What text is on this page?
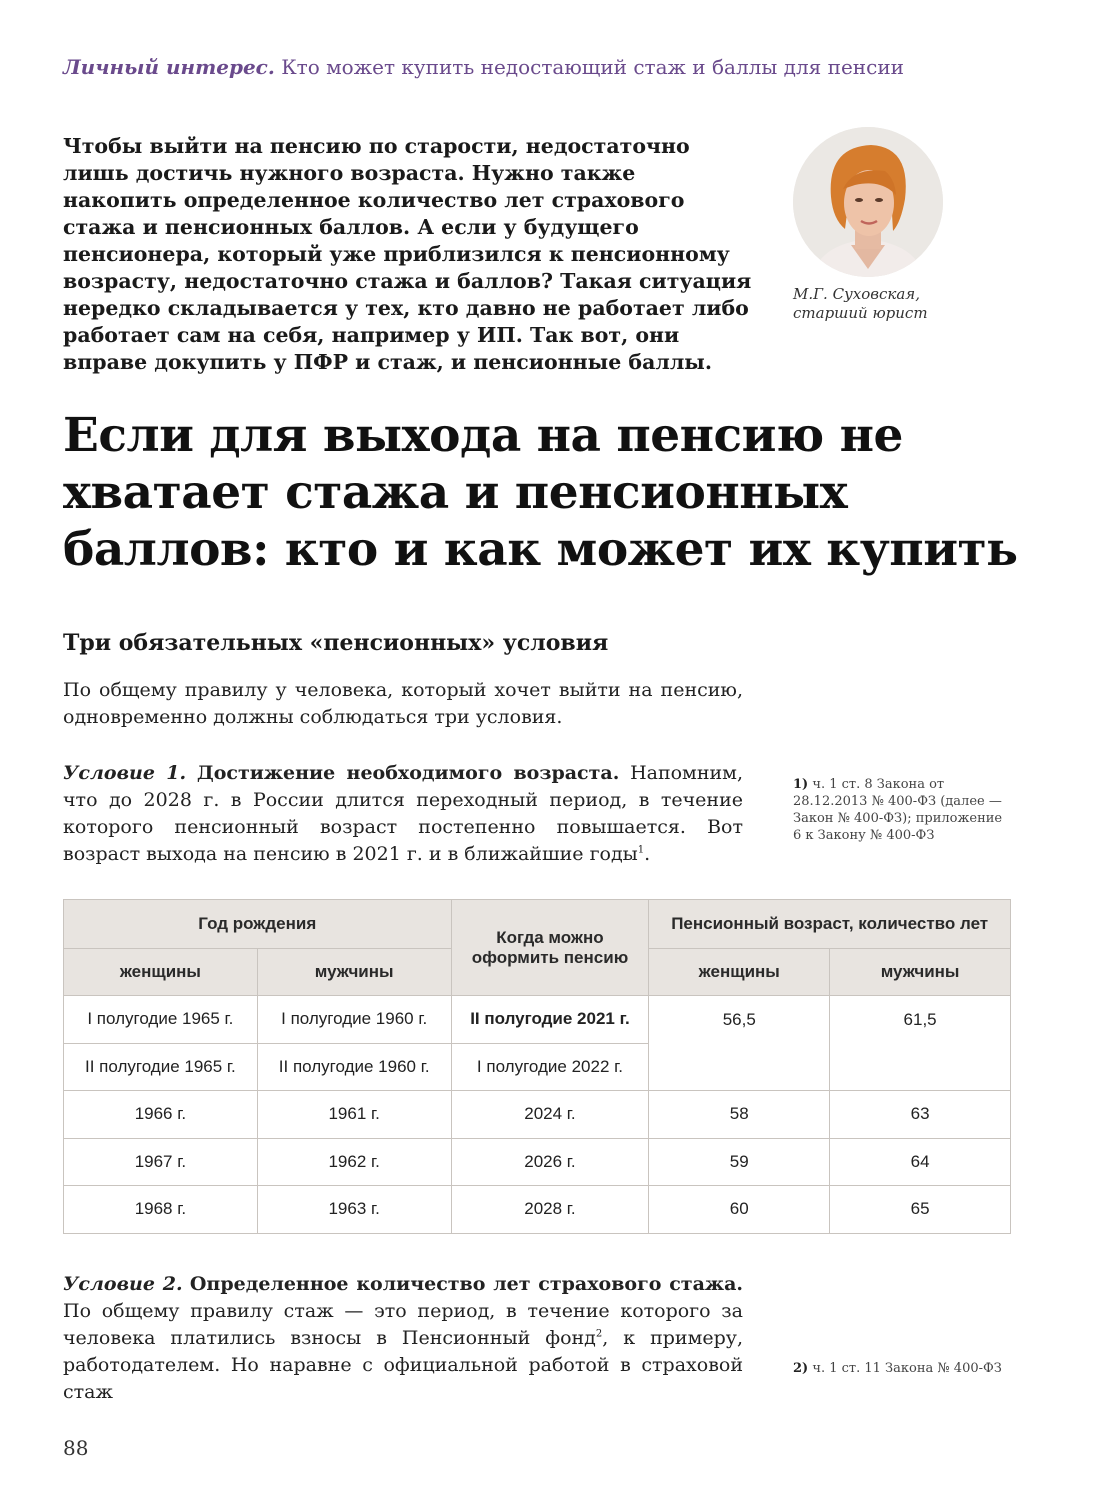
Личный интерес. Кто может купить недостающий стаж и баллы для пенсии
Чтобы выйти на пенсию по старости, недостаточно лишь достичь нужного возраста. Нужно также накопить определенное количество лет страхового стажа и пенсионных баллов. А если у будущего пенсионера, который уже приблизился к пенсионному возрасту, недостаточно стажа и баллов? Такая ситуация нередко складывается у тех, кто давно не работает либо работает сам на себя, например у ИП. Так вот, они вправе докупить у ПФР и стаж, и пенсионные баллы.
М.Г. Суховская,
старший юрист
Если для выхода на пенсию не хватает стажа и пенсионных баллов: кто и как может их купить
Три обязательных «пенсионных» условия
По общему правилу у человека, который хочет выйти на пенсию, одновременно должны соблюдаться три условия.
Условие 1. Достижение необходимого возраста. Напомним, что до 2028 г. в России длится переходный период, в течение которого пенсионный возраст постепенно повышается. Вот возраст выхода на пенсию в 2021 г. и в ближайшие годы$^1$.
1) ч. 1 ст. 8 Закона от 28.12.2013 № 400-ФЗ (далее — Закон № 400-ФЗ); приложение 6 к Закону № 400-ФЗ
Год рождения		Когда можно оформить пенсию	Пенсионный возраст, количество лет	
женщины	мужчины		женщины	мужчины
I полугодие 1965 г.	I полугодие 1960 г.	II полугодие 2021 г.	56,5	61,5
II полугодие 1965 г.	II полугодие 1960 г.	I полугодие 2022 г.		
1966 г.	1961 г.	2024 г.	58	63
1967 г.	1962 г.	2026 г.	59	64
1968 г.	1963 г.	2028 г.	60	65
Условие 2. Определенное количество лет страхового стажа. По общему правилу стаж — это период, в течение которого за человека платились взносы в Пенсионный фонд$^2$, к примеру, работодателем. Но наравне с официальной работой в страховой стаж
2) ч. 1 ст. 11 Закона № 400-ФЗ
88
